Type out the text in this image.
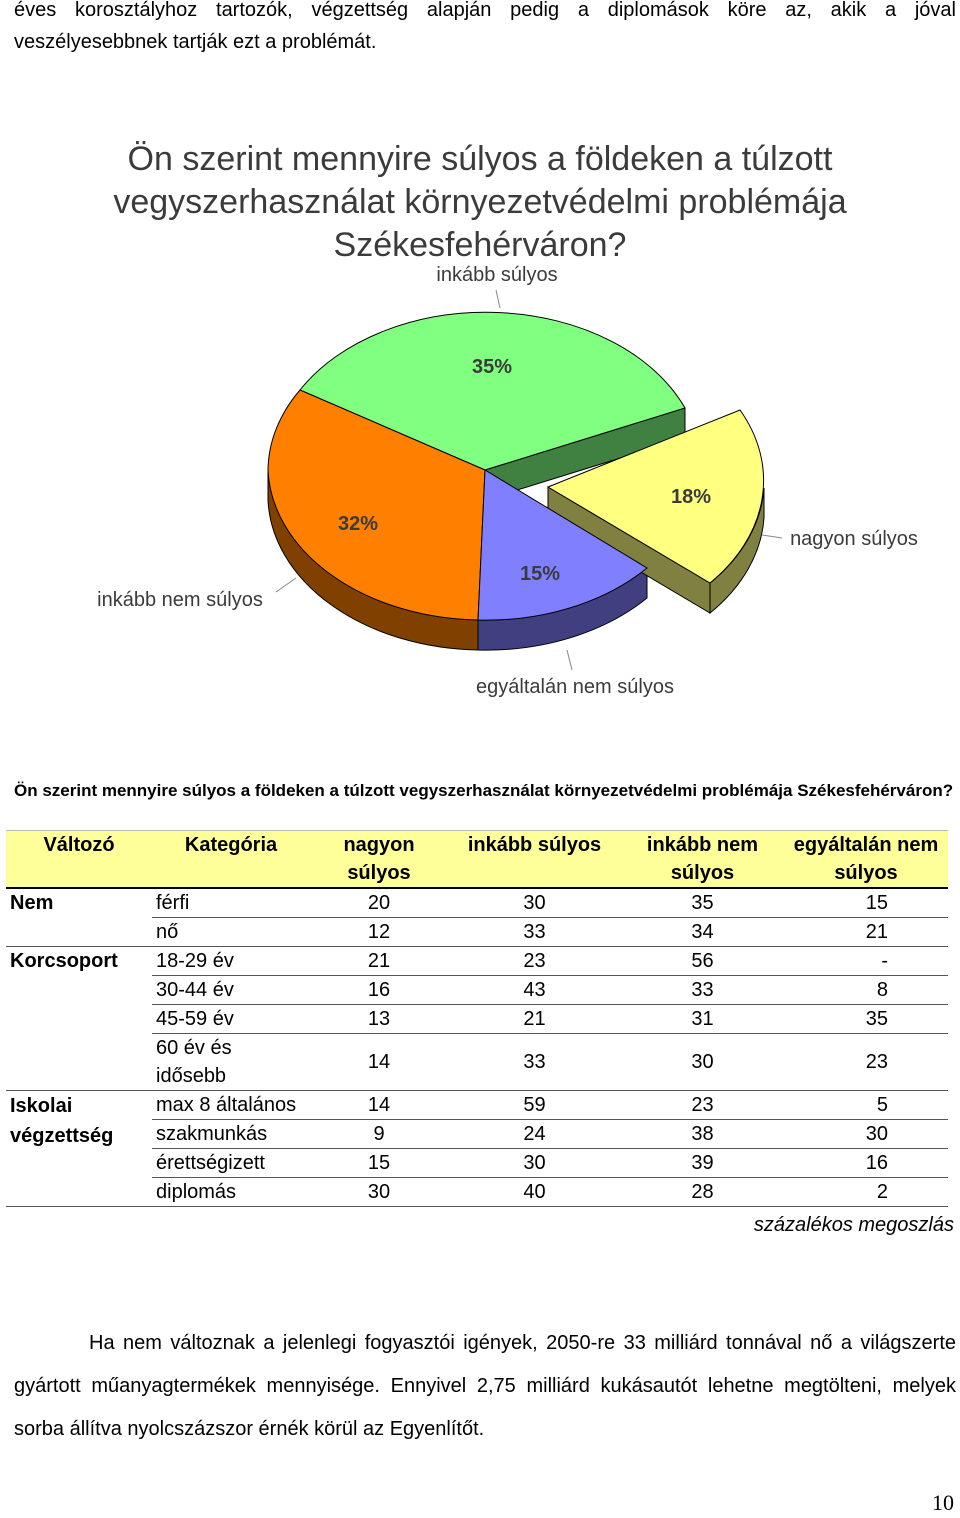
éves korosztályhoz tartozók, végzettség alapján pedig a diplomások köre az, akik a jóval
veszélyesebbnek tartják ezt a problémát.
Ön szerint mennyire súlyos a földeken a túlzott vegyszerhasználat környezetvédelmi problémája Székesfehérváron?
inkább súlyos
nagyon súlyos
egyáltalán nem súlyos
inkább nem súlyos
35%
18%
15%
32%
Ön szerint mennyire súlyos a földeken a túlzott vegyszerhasználat környezetvédelmi problémája Székesfehérváron?
Változó	Kategória	nagyon súlyos	inkább súlyos	inkább nem súlyos	egyáltalán nem súlyos
Nem	férfi	20	30	35	15
	nő	12	33	34	21
Korcsoport	18-29 év	21	23	56	-
	30-44 év	16	43	33	8
	45-59 év	13	21	31	35
	60 év és idősebb	14	33	30	23
Iskolai végzettség	max 8 általános	14	59	23	5
	szakmunkás	9	24	38	30
	érettségizett	15	30	39	16
	diplomás	30	40	28	2
százalékos megoszlás
Ha nem változnak a jelenlegi fogyasztói igények, 2050-re 33 milliárd tonnával nő a világszerte gyártott műanyagtermékek mennyisége. Ennyivel 2,75 milliárd kukásautót lehetne megtölteni, melyek sorba állítva nyolcszázszor érnék körül az Egyenlítőt.
10
